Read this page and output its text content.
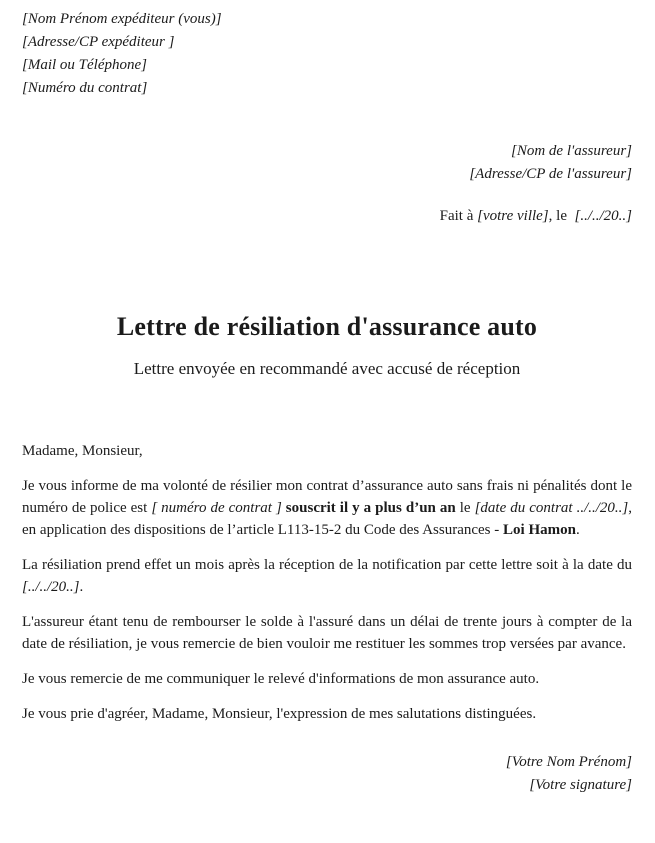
[Nom Prénom expéditeur (vous)]
[Adresse/CP expéditeur ]
[Mail ou Téléphone]
[Numéro du contrat]
[Nom de l'assureur]
[Adresse/CP de l'assureur]
Fait à [votre ville], le  [../../20..]
Lettre de résiliation d'assurance auto
Lettre envoyée en recommandé avec accusé de réception
Madame, Monsieur,
Je vous informe de ma volonté de résilier mon contrat d’assurance auto sans frais ni pénalités dont le numéro de police est [ numéro de contrat ] souscrit il y a plus d’un an le [date du contrat ../../20..], en application des dispositions de l’article L113-15-2 du Code des Assurances - Loi Hamon.
La résiliation prend effet un mois après la réception de la notification par cette lettre soit à la date du [../../20..].
L'assureur étant tenu de rembourser le solde à l'assuré dans un délai de trente jours à compter de la date de résiliation, je vous remercie de bien vouloir me restituer les sommes trop versées par avance.
Je vous remercie de me communiquer le relevé d'informations de mon assurance auto.
Je vous prie d'agréer, Madame, Monsieur, l'expression de mes salutations distinguées.
[Votre Nom Prénom]
[Votre signature]
